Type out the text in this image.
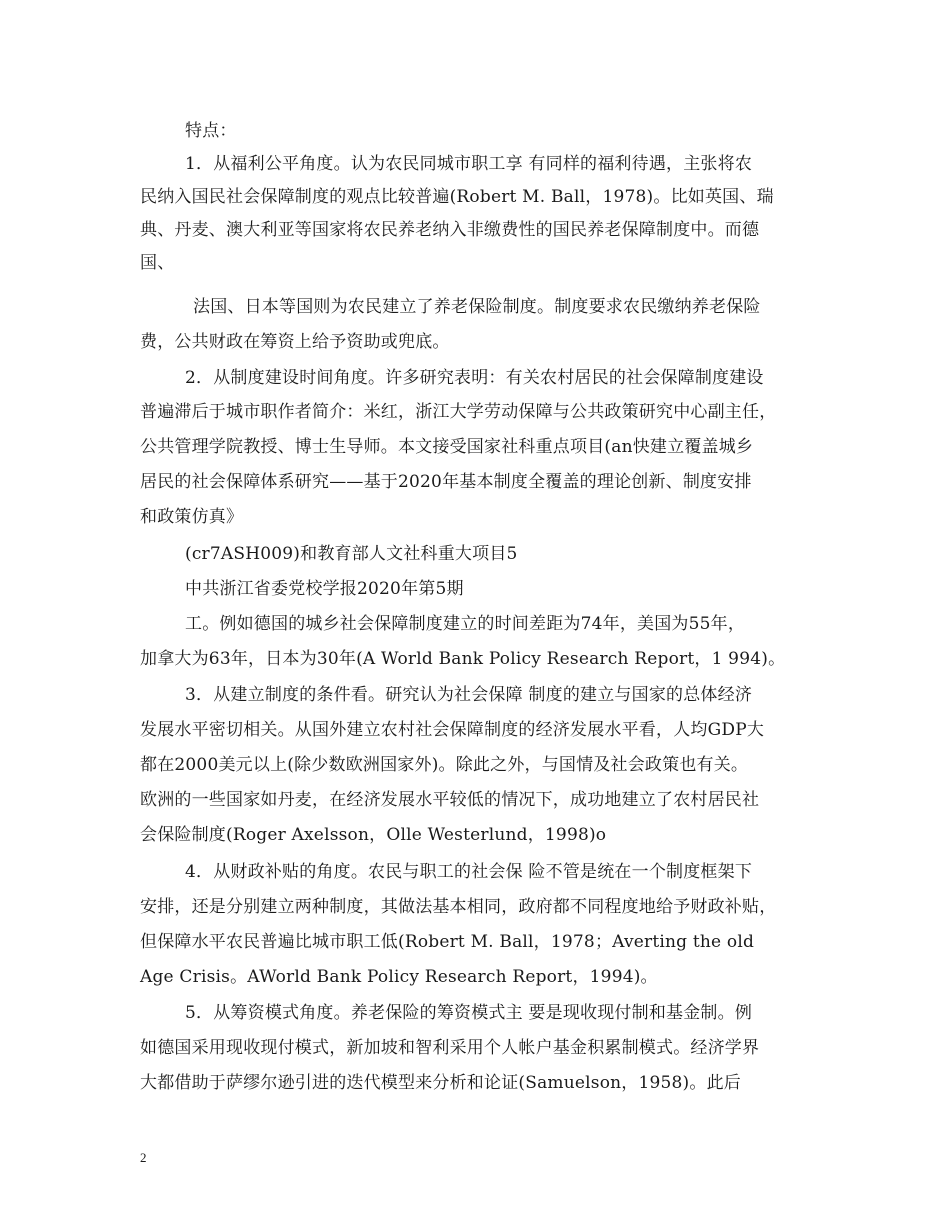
特点：
1．从福利公平角度。认为农民同城市职工享 有同样的福利待遇，主张将农
民纳入国民社会保障制度的观点比较普遍(Robert M. Ball，1978)。比如英国、瑞
典、丹麦、澳大利亚等国家将农民养老纳入非缴费性的国民养老保障制度中。而德
国、
法国、日本等国则为农民建立了养老保险制度。制度要求农民缴纳养老保险
费，公共财政在筹资上给予资助或兜底。
2．从制度建设时间角度。许多研究表明：有关农村居民的社会保障制度建设
普遍滞后于城市职作者简介：米红，浙江大学劳动保障与公共政策研究中心副主任，
公共管理学院教授、博士生导师。本文接受国家社科重点项目(an快建立覆盖城乡
居民的社会保障体系研究——基于2020年基本制度全覆盖的理论创新、制度安排
和政策仿真》
(cr7ASH009)和教育部人文社科重大项目5
中共浙江省委党校学报2020年第5期
工。例如德国的城乡社会保障制度建立的时间差距为74年，美国为55年，
加拿大为63年，日本为30年(A World Bank Policy Research Report，1 994)。
3．从建立制度的条件看。研究认为社会保障 制度的建立与国家的总体经济
发展水平密切相关。从国外建立农村社会保障制度的经济发展水平看，人均GDP大
都在2000美元以上(除少数欧洲国家外)。除此之外，与国情及社会政策也有关。
欧洲的一些国家如丹麦，在经济发展水平较低的情况下，成功地建立了农村居民社
会保险制度(Roger Axelsson，Olle Westerlund，1998)o
4．从财政补贴的角度。农民与职工的社会保 险不管是统在一个制度框架下
安排，还是分别建立两种制度，其做法基本相同，政府都不同程度地给予财政补贴，
但保障水平农民普遍比城市职工低(Robert M. Ball，1978；Averting the old
Age Crisis。AWorld Bank Policy Research Report，1994)。
5．从筹资模式角度。养老保险的筹资模式主 要是现收现付制和基金制。例
如德国采用现收现付模式，新加坡和智利采用个人帐户基金积累制模式。经济学界
大都借助于萨缪尔逊引进的迭代模型来分析和论证(Samuelson，1958)。此后
2
